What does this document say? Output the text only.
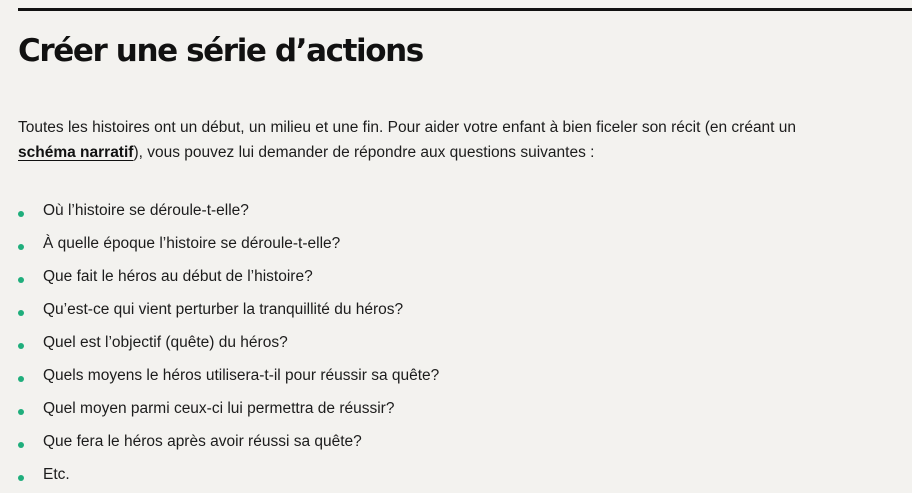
Créer une série d’actions

Toutes les histoires ont un début, un milieu et une fin. Pour aider votre enfant à bien ficeler son récit (en créant un
schéma narratif), vous pouvez lui demander de répondre aux questions suivantes :

Où l’histoire se déroule-t-elle?
À quelle époque l’histoire se déroule-t-elle?
Que fait le héros au début de l’histoire?
Qu’est-ce qui vient perturber la tranquillité du héros?
Quel est l’objectif (quête) du héros?
Quels moyens le héros utilisera-t-il pour réussir sa quête?
Quel moyen parmi ceux-ci lui permettra de réussir?
Que fera le héros après avoir réussi sa quête?
Etc.
